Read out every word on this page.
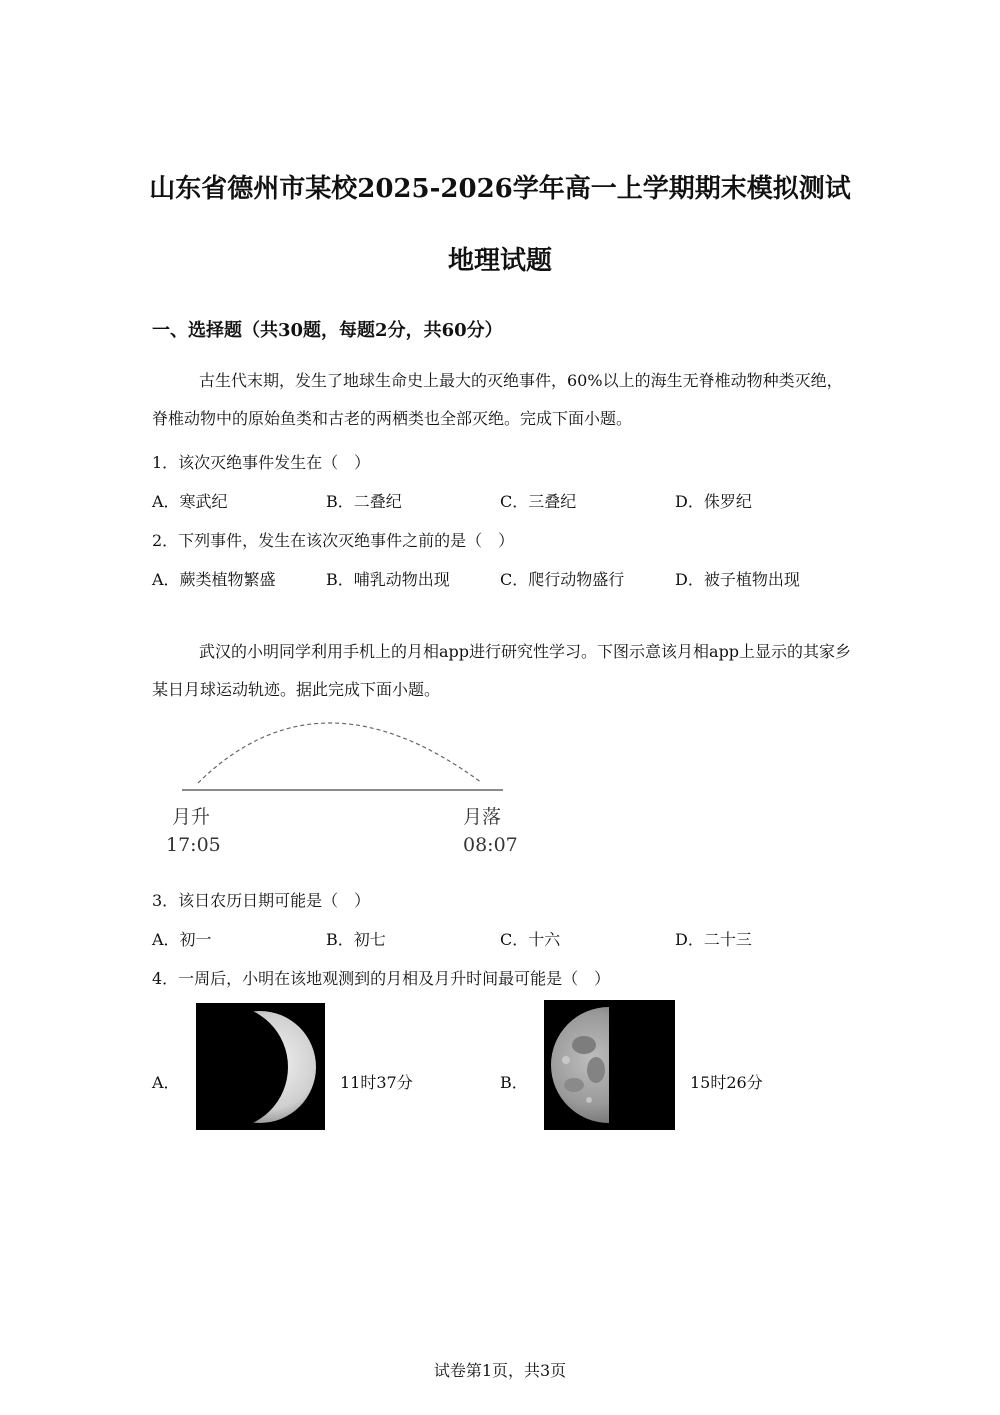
山东省德州市某校2025-2026学年高一上学期期末模拟测试
地理试题
一、选择题（共30题，每题2分，共60分）
古生代末期，发生了地球生命史上最大的灭绝事件，60%以上的海生无脊椎动物种类灭绝，脊椎动物中的原始鱼类和古老的两栖类也全部灭绝。完成下面小题。
1．该次灭绝事件发生在（　）
A．寒武纪	B．二叠纪	C．三叠纪	D．侏罗纪
2．下列事件，发生在该次灭绝事件之前的是（　）
A．蕨类植物繁盛	B．哺乳动物出现	C．爬行动物盛行	D．被子植物出现
武汉的小明同学利用手机上的月相app进行研究性学习。下图示意该月相app上显示的其家乡某日月球运动轨迹。据此完成下面小题。
月升
17:05
月落
08:07
3．该日农历日期可能是（　）
A．初一	B．初七	C．十六	D．二十三
4．一周后，小明在该地观测到的月相及月升时间最可能是（　）
A．	11时37分	B．	15时26分
试卷第1页，共3页
